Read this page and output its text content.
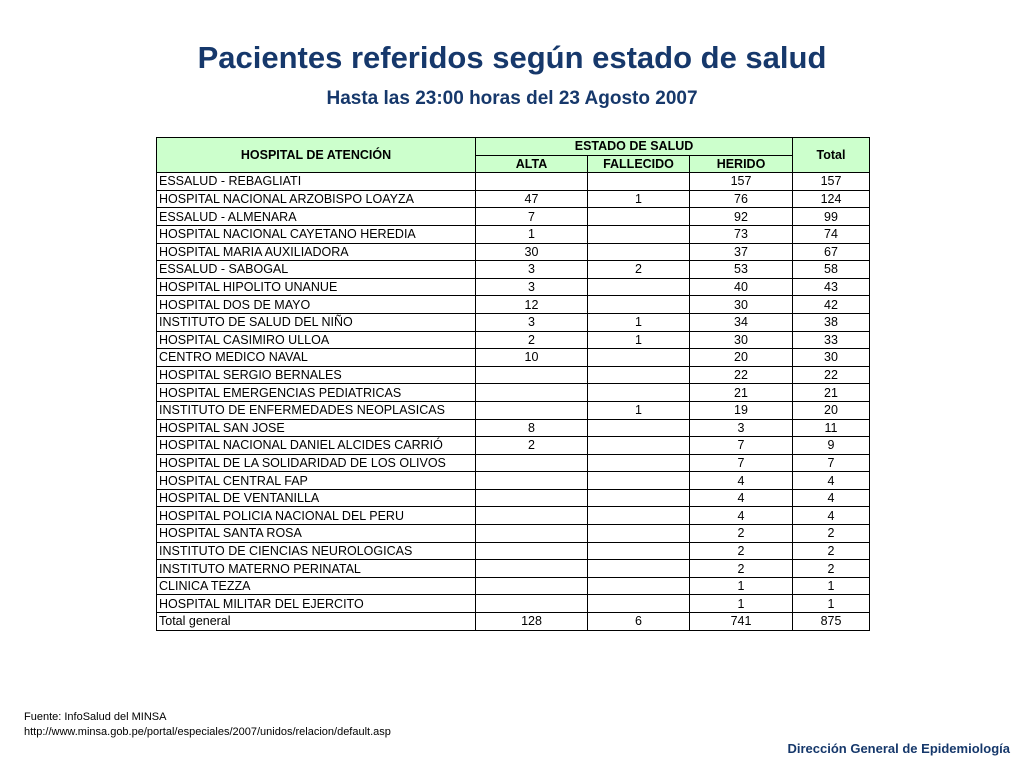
Pacientes referidos según estado de salud
Hasta las 23:00 horas del 23 Agosto 2007
HOSPITAL DE ATENCIÓN	ESTADO DE SALUD			Total
	ALTA	FALLECIDO	HERIDO	
ESSALUD - REBAGLIATI			157	157
HOSPITAL NACIONAL ARZOBISPO LOAYZA	47	1	76	124
ESSALUD - ALMENARA	7		92	99
HOSPITAL NACIONAL CAYETANO HEREDIA	1		73	74
HOSPITAL MARIA AUXILIADORA	30		37	67
ESSALUD - SABOGAL	3	2	53	58
HOSPITAL HIPOLITO UNANUE	3		40	43
HOSPITAL DOS DE MAYO	12		30	42
INSTITUTO DE SALUD DEL NIÑO	3	1	34	38
HOSPITAL CASIMIRO ULLOA	2	1	30	33
CENTRO MEDICO NAVAL	10		20	30
HOSPITAL SERGIO BERNALES			22	22
HOSPITAL EMERGENCIAS PEDIATRICAS			21	21
INSTITUTO DE ENFERMEDADES NEOPLASICAS		1	19	20
HOSPITAL SAN JOSE	8		3	11
HOSPITAL NACIONAL DANIEL ALCIDES CARRIÓ	2		7	9
HOSPITAL DE LA SOLIDARIDAD DE LOS OLIVOS			7	7
HOSPITAL CENTRAL FAP			4	4
HOSPITAL DE VENTANILLA			4	4
HOSPITAL POLICIA NACIONAL DEL PERU			4	4
HOSPITAL SANTA ROSA			2	2
INSTITUTO DE CIENCIAS NEUROLOGICAS			2	2
INSTITUTO MATERNO PERINATAL			2	2
CLINICA TEZZA			1	1
HOSPITAL MILITAR DEL EJERCITO			1	1
Total general	128	6	741	875
Fuente: InfoSalud del MINSA
http://www.minsa.gob.pe/portal/especiales/2007/unidos/relacion/default.asp
Dirección General de Epidemiología
